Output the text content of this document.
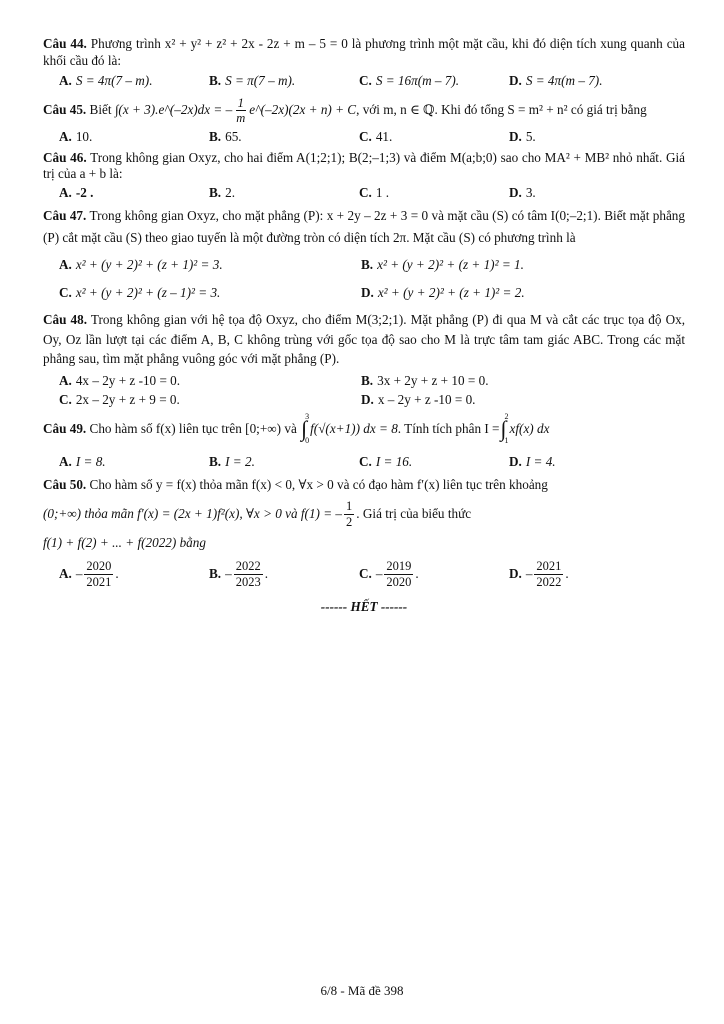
Câu 44. Phương trình x² + y² + z² + 2x - 2z + m – 5 = 0 là phương trình một mặt cầu, khi đó diện tích xung quanh của khối cầu đó là:
A. S = 4π(7 – m).	B. S = π(7 – m).	C. S = 16π(m – 7).	D. S = 4π(m – 7).
Câu 45.
Biết
∫(x + 3).e^(–2x)dx = – $\frac{1}{m}$ e^(–2x)(2x + n) + C , với m, n ∈ ℚ. Khi đó tổng S = m² + n² có giá trị bằng
A. 10.	B. 65.	C. 41.	D. 5.
Câu 46. Trong không gian Oxyz, cho hai điểm A(1;2;1); B(2;–1;3) và điểm M(a;b;0) sao cho MA² + MB² nhỏ nhất. Giá trị của a + b là:
A. -2 .	B. 2.	C. 1 .	D. 3.
Câu 47. Trong không gian Oxyz, cho mặt phẳng (P): x + 2y – 2z + 3 = 0 và mặt cầu (S) có tâm I(0;–2;1). Biết mặt phẳng (P) cắt mặt cầu (S) theo giao tuyến là một đường tròn có diện tích 2π. Mặt cầu (S) có phương trình là
A. x² + (y + 2)² + (z + 1)² = 3.	B. x² + (y + 2)² + (z + 1)² = 1.
C. x² + (y + 2)² + (z – 1)² = 3.	D. x² + (y + 2)² + (z + 1)² = 2.
Câu 48. Trong không gian với hệ tọa độ Oxyz, cho điểm M(3;2;1). Mặt phẳng (P) đi qua M và cắt các trục tọa độ Ox, Oy, Oz lần lượt tại các điểm A, B, C không trùng với gốc tọa độ sao cho M là trực tâm tam giác ABC. Trong các mặt phẳng sau, tìm mặt phẳng vuông góc với mặt phẳng (P).
A. 4x – 2y + z -10 = 0.	B. 3x + 2y + z + 10 = 0.
C. 2x – 2y + z + 9 = 0.	D. x – 2y + z -10 = 0.
Câu 49.
Cho hàm số f(x) liên tục trên [0;+∞) và
∫
3
0
f(√(x+1)) dx = 8 . Tính tích phân I = ∫
2
1
xf(x) dx
A. I = 8.	B. I = 2.	C. I = 16.	D. I = 4.
Câu 50. Cho hàm số y = f(x) thỏa mãn f(x) < 0, ∀x > 0 và có đạo hàm f′(x) liên tục trên khoảng
(0;+∞) thỏa mãn f′(x) = (2x + 1)f²(x), ∀x > 0 và f(1) = – $\frac{1}{2}$ . Giá trị của biểu thức
f(1) + f(2) + ... + f(2022) bằng
A. – $\frac{2020}{2021}$ .	B. – $\frac{2022}{2023}$ .	C. – $\frac{2019}{2020}$ .	D. – $\frac{2021}{2022}$ .
------ HẾT ------
6/8 - Mã đề 398
